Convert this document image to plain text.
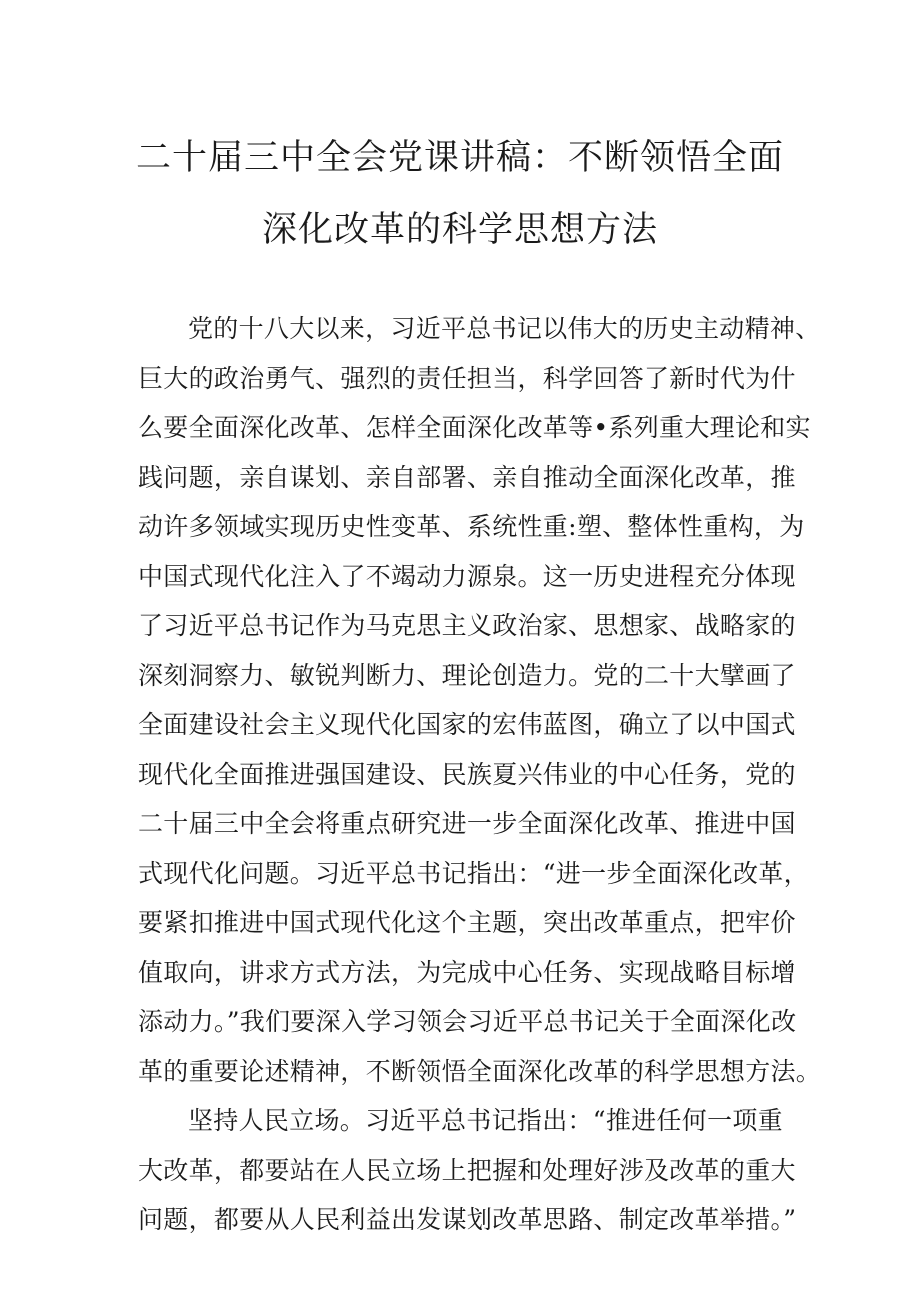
二十届三中全会党课讲稿：不断领悟全面
深化改革的科学思想方法
党的十八大以来，习近平总书记以伟大的历史主动精神、
巨大的政治勇气、强烈的责任担当，科学回答了新时代为什
么要全面深化改革、怎样全面深化改革等•系列重大理论和实
践问题，亲自谋划、亲自部署、亲自推动全面深化改革，推
动许多领域实现历史性变革、系统性重:塑、整体性重构，为
中国式现代化注入了不竭动力源泉。这一历史进程充分体现
了习近平总书记作为马克思主义政治家、思想家、战略家的
深刻洞察力、敏锐判断力、理论创造力。党的二十大擘画了
全面建设社会主义现代化国家的宏伟蓝图，确立了以中国式
现代化全面推进强国建设、民族夏兴伟业的中心任务，党的
二十届三中全会将重点研究进一步全面深化改革、推进中国
式现代化问题。习近平总书记指出：“进一步全面深化改革，
要紧扣推进中国式现代化这个主题，突出改革重点，把牢价
值取向，讲求方式方法，为完成中心任务、实现战略目标增
添动力。”我们要深入学习领会习近平总书记关于全面深化改
革的重要论述精神，不断领悟全面深化改革的科学思想方法。
坚持人民立场。习近平总书记指出：“推进任何一项重
大改革，都要站在人民立场上把握和处理好涉及改革的重大
问题，都要从人民利益出发谋划改革思路、制定改革举措。”
